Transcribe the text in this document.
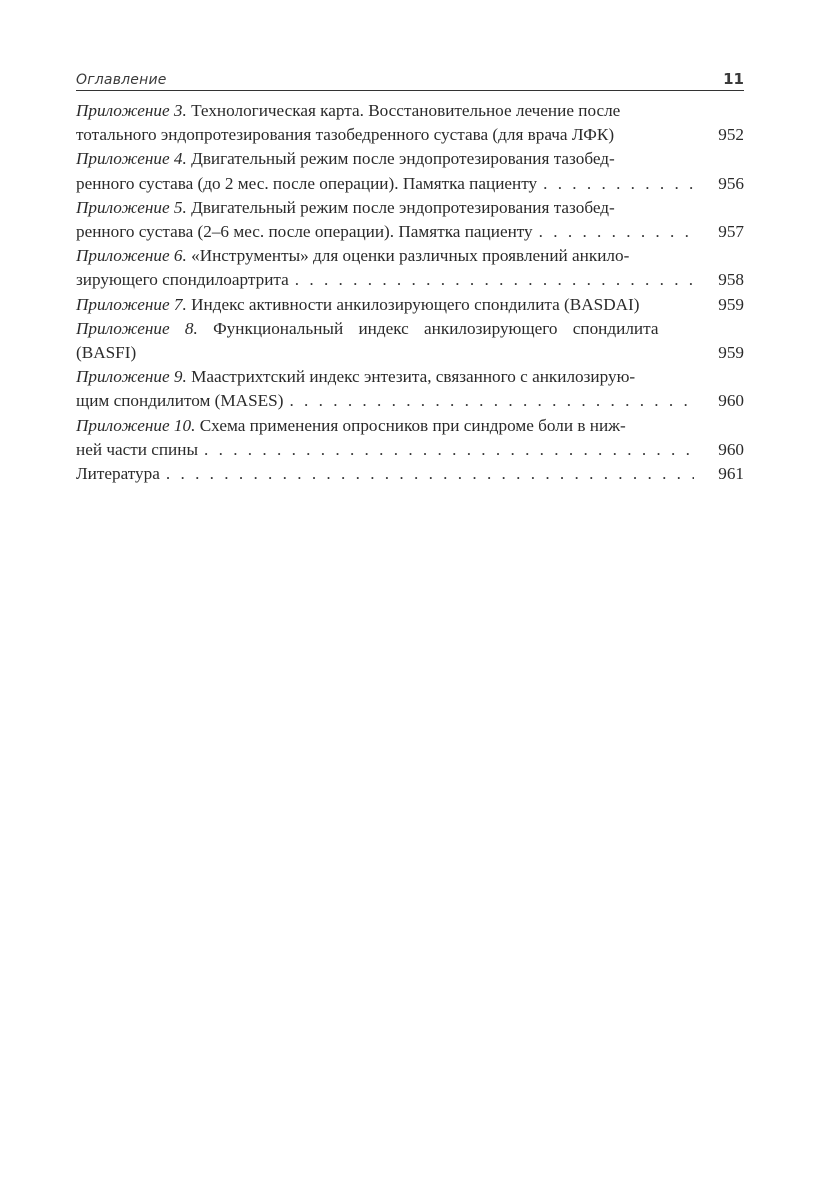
Оглавление	11
Приложение 3. Технологическая карта. Восстановительное лечение после
тотального эндопротезирования тазобедренного сустава (для врача ЛФК)	952
Приложение 4. Двигательный режим после эндопротезирования тазобед-
ренного сустава (до 2 мес. после операции). Памятка пациенту . . .	956
Приложение 5. Двигательный режим после эндопротезирования тазобед-
ренного сустава (2–6 мес. после операции). Памятка пациенту . . .	957
Приложение 6. «Инструменты» для оценки различных проявлений анкило-
зирующего спондилоартрита . . .	958
Приложение 7. Индекс активности анкилозирующего спондилита (BASDAI)	959
Приложение 8. Функциональный индекс анкилозирующего спондилита
(BASFI)	959
Приложение 9. Маастрихтский индекс энтезита, связанного с анкилозирую-
щим спондилитом (MASES) . . .	960
Приложение 10. Схема применения опросников при синдроме боли в ниж-
ней части спины . . .	960
Литература . . .	961
